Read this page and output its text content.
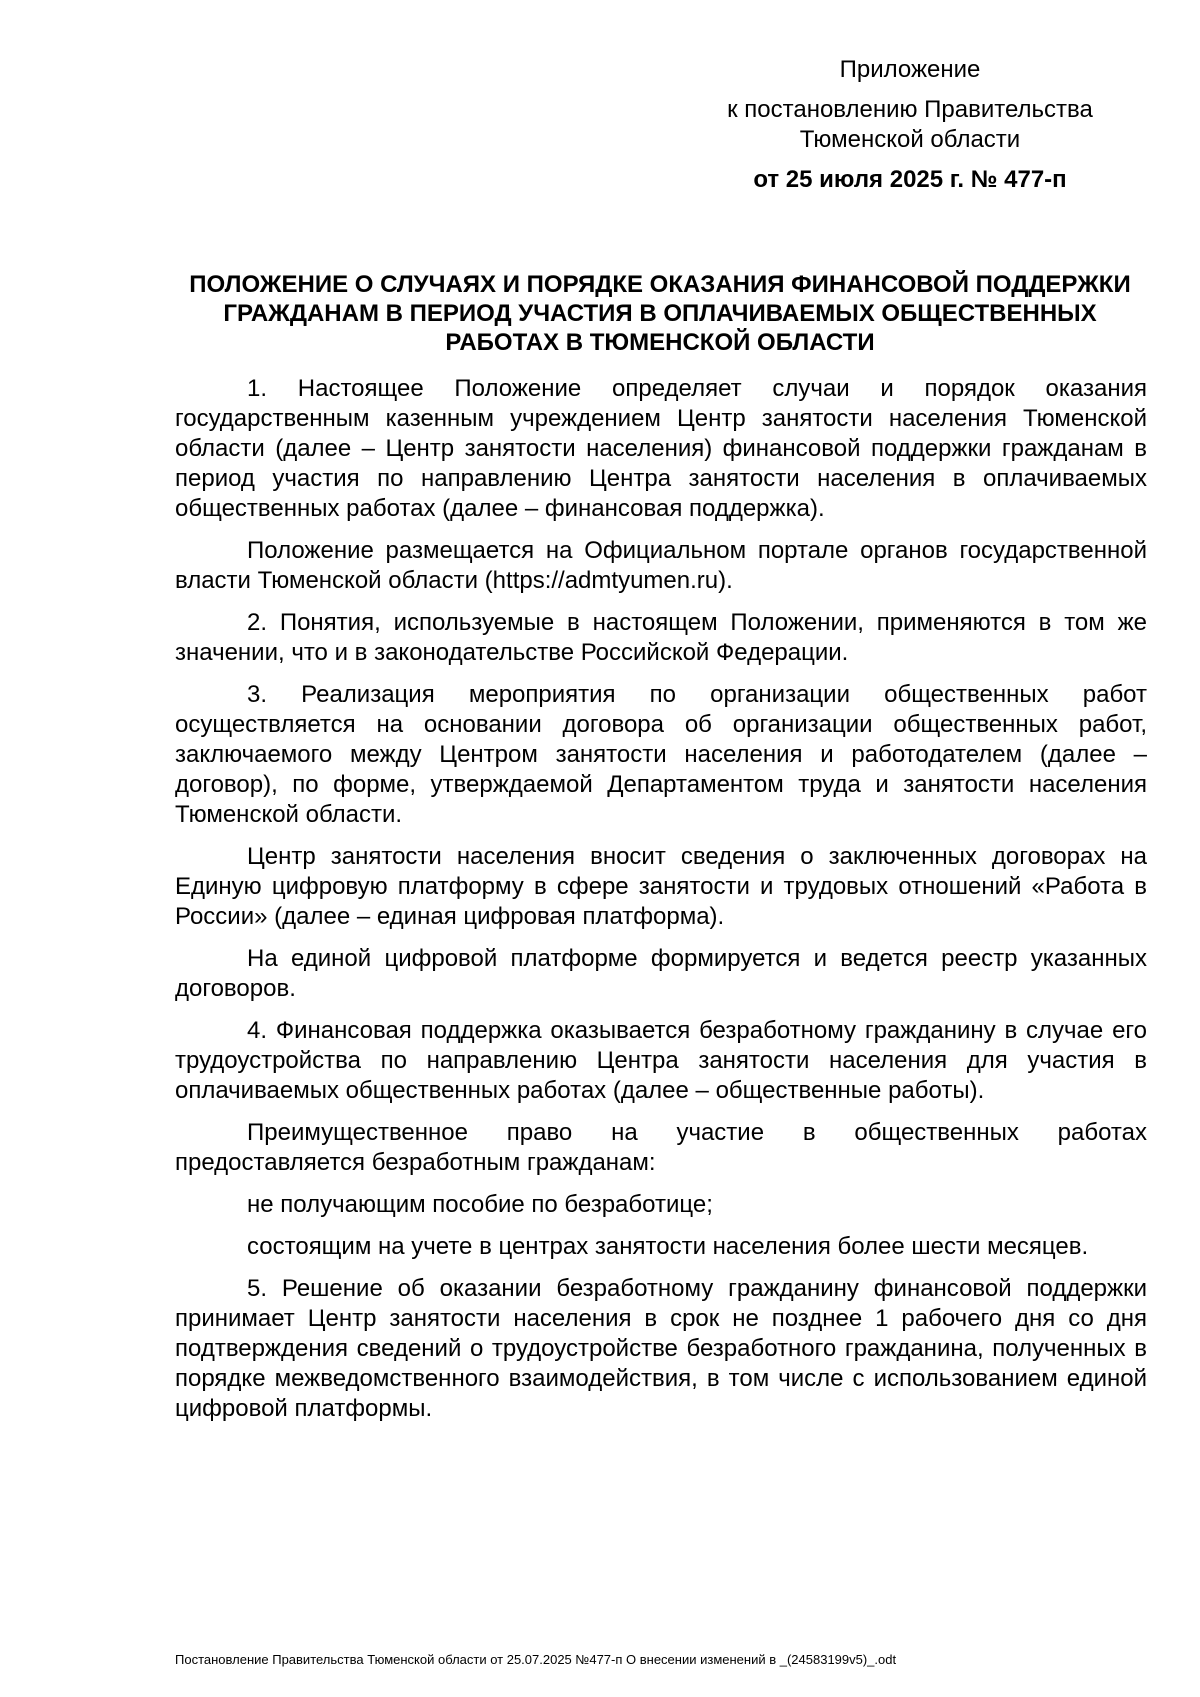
Приложение
к постановлению Правительства Тюменской области
от 25 июля 2025 г. № 477-п
ПОЛОЖЕНИЕ О СЛУЧАЯХ И ПОРЯДКЕ ОКАЗАНИЯ ФИНАНСОВОЙ ПОДДЕРЖКИ ГРАЖДАНАМ В ПЕРИОД УЧАСТИЯ В ОПЛАЧИВАЕМЫХ ОБЩЕСТВЕННЫХ РАБОТАХ В ТЮМЕНСКОЙ ОБЛАСТИ

1. Настоящее Положение определяет случаи и порядок оказания государственным казенным учреждением Центр занятости населения Тюменской области (далее – Центр занятости населения) финансовой поддержки гражданам в период участия по направлению Центра занятости населения в оплачиваемых общественных работах (далее – финансовая поддержка).

Положение размещается на Официальном портале органов государственной власти Тюменской области (https://admtyumen.ru).

2. Понятия, используемые в настоящем Положении, применяются в том же значении, что и в законодательстве Российской Федерации.

3. Реализация мероприятия по организации общественных работ осуществляется на основании договора об организации общественных работ, заключаемого между Центром занятости населения и работодателем (далее – договор), по форме, утверждаемой Департаментом труда и занятости населения Тюменской области.

Центр занятости населения вносит сведения о заключенных договорах на Единую цифровую платформу в сфере занятости и трудовых отношений «Работа в России» (далее – единая цифровая платформа).

На единой цифровой платформе формируется и ведется реестр указанных договоров.

4. Финансовая поддержка оказывается безработному гражданину в случае его трудоустройства по направлению Центра занятости населения для участия в оплачиваемых общественных работах (далее – общественные работы).

Преимущественное право на участие в общественных работах предоставляется безработным гражданам:

не получающим пособие по безработице;

состоящим на учете в центрах занятости населения более шести месяцев.

5. Решение об оказании безработному гражданину финансовой поддержки принимает Центр занятости населения в срок не позднее 1 рабочего дня со дня подтверждения сведений о трудоустройстве безработного гражданина, полученных в порядке межведомственного взаимодействия, в том числе с использованием единой цифровой платформы.

Постановление Правительства Тюменской области от 25.07.2025 №477-п О внесении изменений в _(24583199v5)_.odt
